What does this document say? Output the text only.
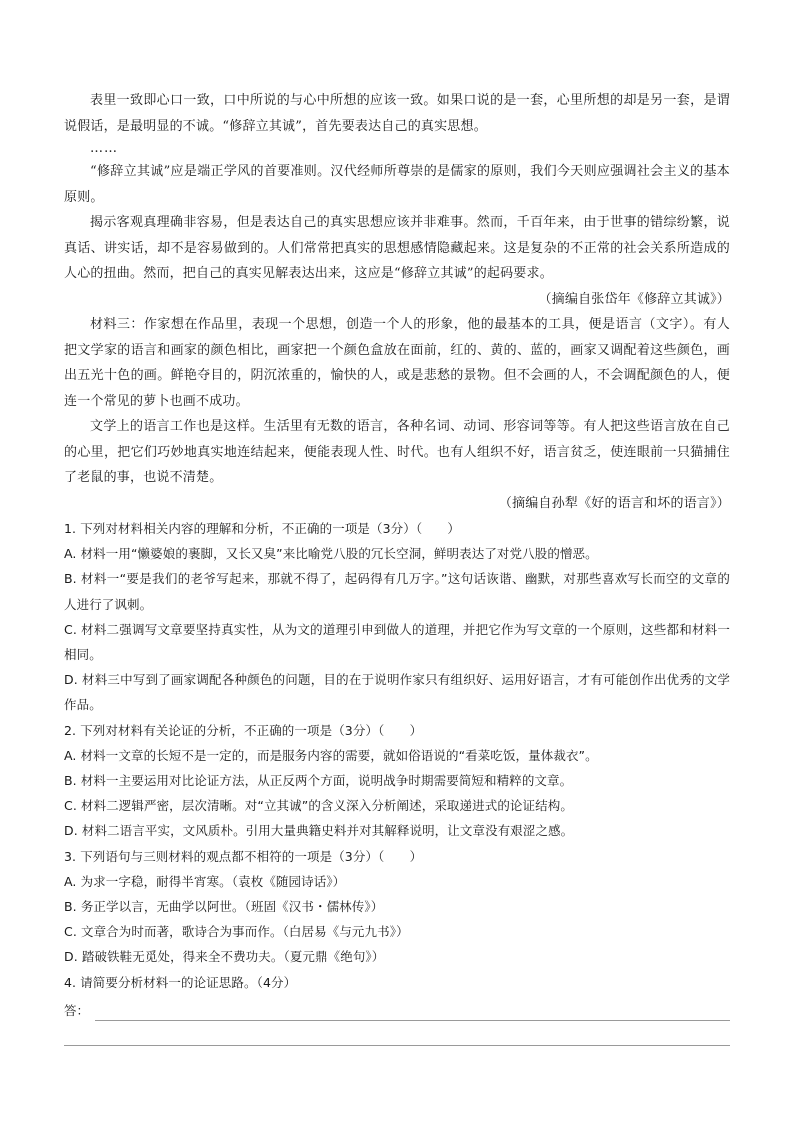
表里一致即心口一致，口中所说的与心中所想的应该一致。如果口说的是一套，心里所想的却是另一套，是谓说假话，是最明显的不诚。“修辞立其诚”，首先要表达自己的真实思想。

……

“修辞立其诚”应是端正学风的首要准则。汉代经师所尊崇的是儒家的原则，我们今天则应强调社会主义的基本原则。

揭示客观真理确非容易，但是表达自己的真实思想应该并非难事。然而，千百年来，由于世事的错综纷繁，说真话、讲实话，却不是容易做到的。人们常常把真实的思想感情隐藏起来。这是复杂的不正常的社会关系所造成的人心的扭曲。然而，把自己的真实见解表达出来，这应是“修辞立其诚”的起码要求。

（摘编自张岱年《修辞立其诚》）

材料三：作家想在作品里，表现一个思想，创造一个人的形象，他的最基本的工具，便是语言（文字）。有人把文学家的语言和画家的颜色相比，画家把一个颜色盒放在面前，红的、黄的、蓝的，画家又调配着这些颜色，画出五光十色的画。鲜艳夺目的，阴沉浓重的，愉快的人，或是悲愁的景物。但不会画的人，不会调配颜色的人，便连一个常见的萝卜也画不成功。

文学上的语言工作也是这样。生活里有无数的语言，各种名词、动词、形容词等等。有人把这些语言放在自己的心里，把它们巧妙地真实地连结起来，便能表现人性、时代。也有人组织不好，语言贫乏，使连眼前一只猫捕住了老鼠的事，也说不清楚。

（摘编自孙犁《好的语言和坏的语言》）

1. 下列对材料相关内容的理解和分析，不正确的一项是（3分）（　　）

A. 材料一用“懒婆娘的裹脚，又长又臭”来比喻党八股的冗长空洞，鲜明表达了对党八股的憎恶。

B. 材料一“要是我们的老爷写起来，那就不得了，起码得有几万字。”这句话诙谐、幽默，对那些喜欢写长而空的文章的人进行了讽刺。

C. 材料二强调写文章要坚持真实性，从为文的道理引申到做人的道理，并把它作为写文章的一个原则，这些都和材料一相同。

D. 材料三中写到了画家调配各种颜色的问题，目的在于说明作家只有组织好、运用好语言，才有可能创作出优秀的文学作品。

2. 下列对材料有关论证的分析，不正确的一项是（3分）（　　）

A. 材料一文章的长短不是一定的，而是服务内容的需要，就如俗语说的“看菜吃饭，量体裁衣”。

B. 材料一主要运用对比论证方法，从正反两个方面，说明战争时期需要简短和精粹的文章。

C. 材料二逻辑严密，层次清晰。对“立其诚”的含义深入分析阐述，采取递进式的论证结构。

D. 材料二语言平实，文风质朴。引用大量典籍史料并对其解释说明，让文章没有艰涩之感。

3. 下列语句与三则材料的观点都不相符的一项是（3分）（　　）

A. 为求一字稳，耐得半宵寒。（袁枚《随园诗话》）

B. 务正学以言，无曲学以阿世。（班固《汉书・儒林传》）

C. 文章合为时而著，歌诗合为事而作。（白居易《与元九书》）

D. 踏破铁鞋无觅处，得来全不费功夫。（夏元鼎《绝句》）

4. 请简要分析材料一的论证思路。（4分）

答：
